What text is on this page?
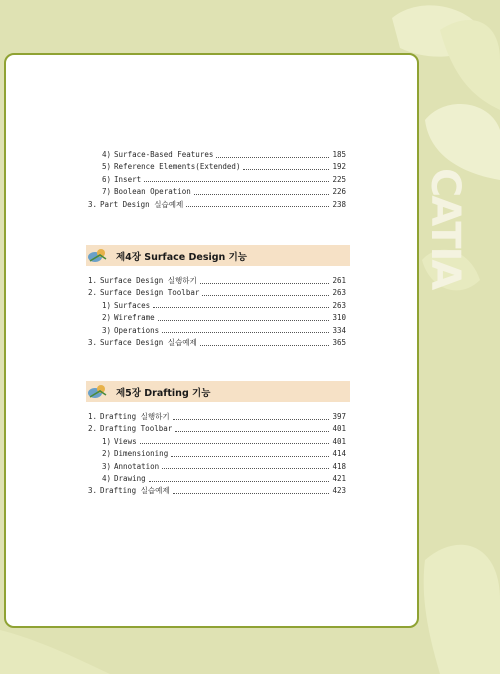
CATIA
4) Surface-Based Features	185
5) Reference Elements(Extended)	192
6) Insert	225
7) Boolean Operation	226
3. Part Design 실습예제	238
제4장 Surface Design 기능
1. Surface Design 실행하기	261
2. Surface Design Toolbar	263
1) Surfaces	263
2) Wireframe	310
3) Operations	334
3. Surface Design 실습예제	365
제5장 Drafting 기능
1. Drafting 실행하기	397
2. Drafting Toolbar	401
1) Views	401
2) Dimensioning	414
3) Annotation	418
4) Drawing	421
3. Drafting 실습예제	423
